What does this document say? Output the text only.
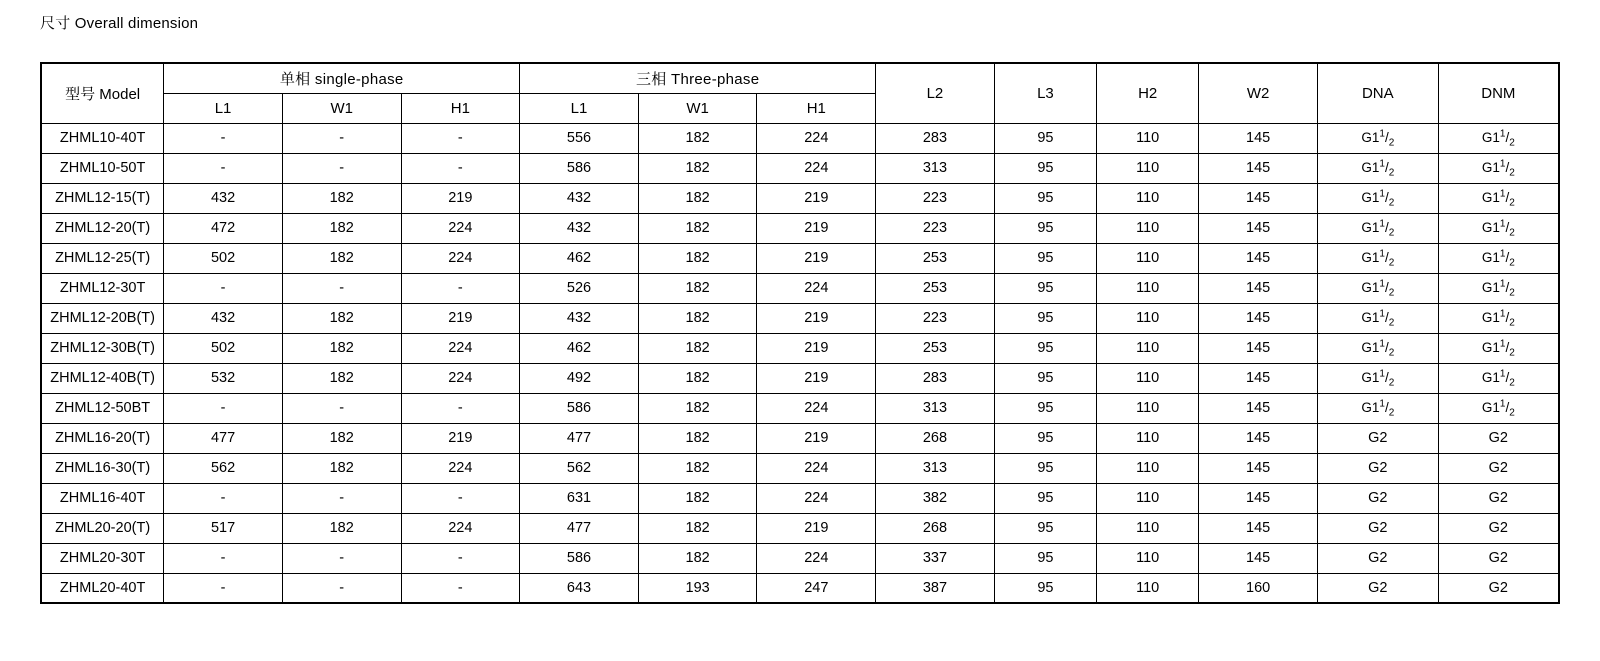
尺寸 Overall dimension
型号 Model	单相 single-phase			三相 Three-phase			L2	L3	H2	W2	DNA	DNM
	L1	W1	H1	L1	W1	H1						
ZHML10-40T	-	-	-	556	182	224	283	95	110	145	$G1^1/_2$	$G1^1/_2$
ZHML10-50T	-	-	-	586	182	224	313	95	110	145	$G1^1/_2$	$G1^1/_2$
ZHML12-15(T)	432	182	219	432	182	219	223	95	110	145	$G1^1/_2$	$G1^1/_2$
ZHML12-20(T)	472	182	224	432	182	219	223	95	110	145	$G1^1/_2$	$G1^1/_2$
ZHML12-25(T)	502	182	224	462	182	219	253	95	110	145	$G1^1/_2$	$G1^1/_2$
ZHML12-30T	-	-	-	526	182	224	253	95	110	145	$G1^1/_2$	$G1^1/_2$
ZHML12-20B(T)	432	182	219	432	182	219	223	95	110	145	$G1^1/_2$	$G1^1/_2$
ZHML12-30B(T)	502	182	224	462	182	219	253	95	110	145	$G1^1/_2$	$G1^1/_2$
ZHML12-40B(T)	532	182	224	492	182	219	283	95	110	145	$G1^1/_2$	$G1^1/_2$
ZHML12-50BT	-	-	-	586	182	224	313	95	110	145	$G1^1/_2$	$G1^1/_2$
ZHML16-20(T)	477	182	219	477	182	219	268	95	110	145	G2	G2
ZHML16-30(T)	562	182	224	562	182	224	313	95	110	145	G2	G2
ZHML16-40T	-	-	-	631	182	224	382	95	110	145	G2	G2
ZHML20-20(T)	517	182	224	477	182	219	268	95	110	145	G2	G2
ZHML20-30T	-	-	-	586	182	224	337	95	110	145	G2	G2
ZHML20-40T	-	-	-	643	193	247	387	95	110	160	G2	G2
